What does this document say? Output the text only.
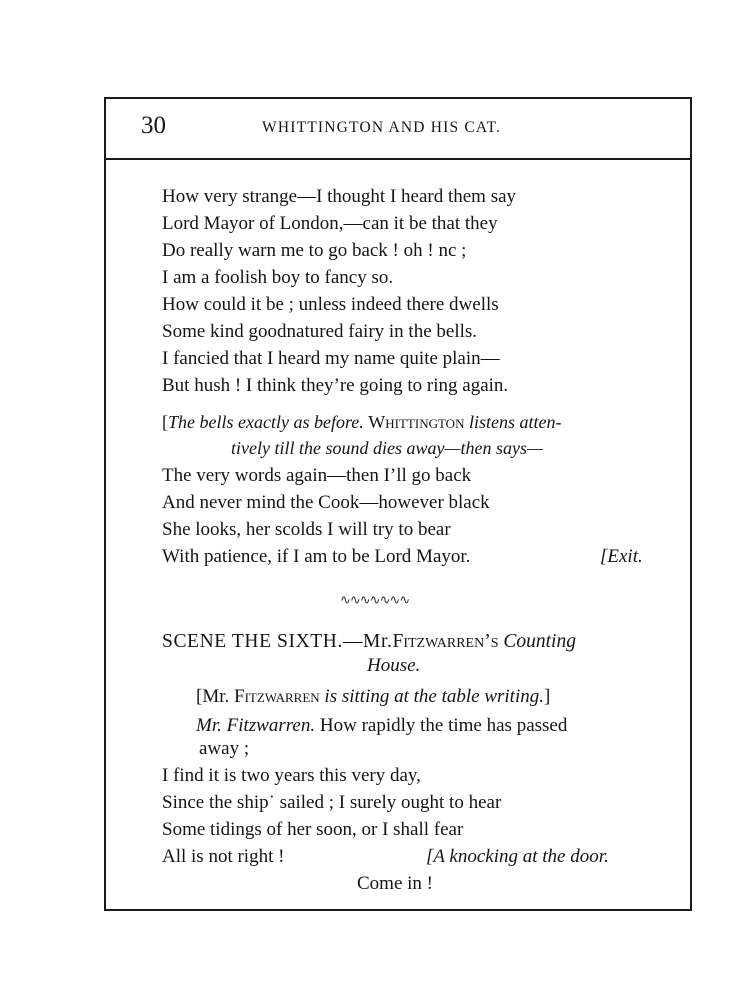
30	WHITTINGTON AND HIS CAT.
How very strange—I thought I heard them say
Lord Mayor of London,—can it be that they
Do really warn me to go back ! oh ! nc ;
I am a foolish boy to fancy so.
How could it be ; unless indeed there dwells
Some kind goodnatured fairy in the bells.
I fancied that I heard my name quite plain—
But hush ! I think they’re going to ring again.
[The bells exactly as before. Whittington listens atten-
tively till the sound dies away—then says—
The very words again—then I’ll go back
And never mind the Cook—however black
She looks, her scolds I will try to bear
With patience, if I am to be Lord Mayor.	[Exit.
∿∿∿∿∿∿∿
SCENE THE SIXTH.—Mr.Fitzwarren’s Counting
House.
[Mr. Fitzwarren is sitting at the table writing.]
Mr. Fitzwarren. How rapidly the time has passed
away ;
I find it is two years this very day,
Since the ship˙ sailed ; I surely ought to hear
Some tidings of her soon, or I shall fear
All is not right !	[A knocking at the door.
Come in !
